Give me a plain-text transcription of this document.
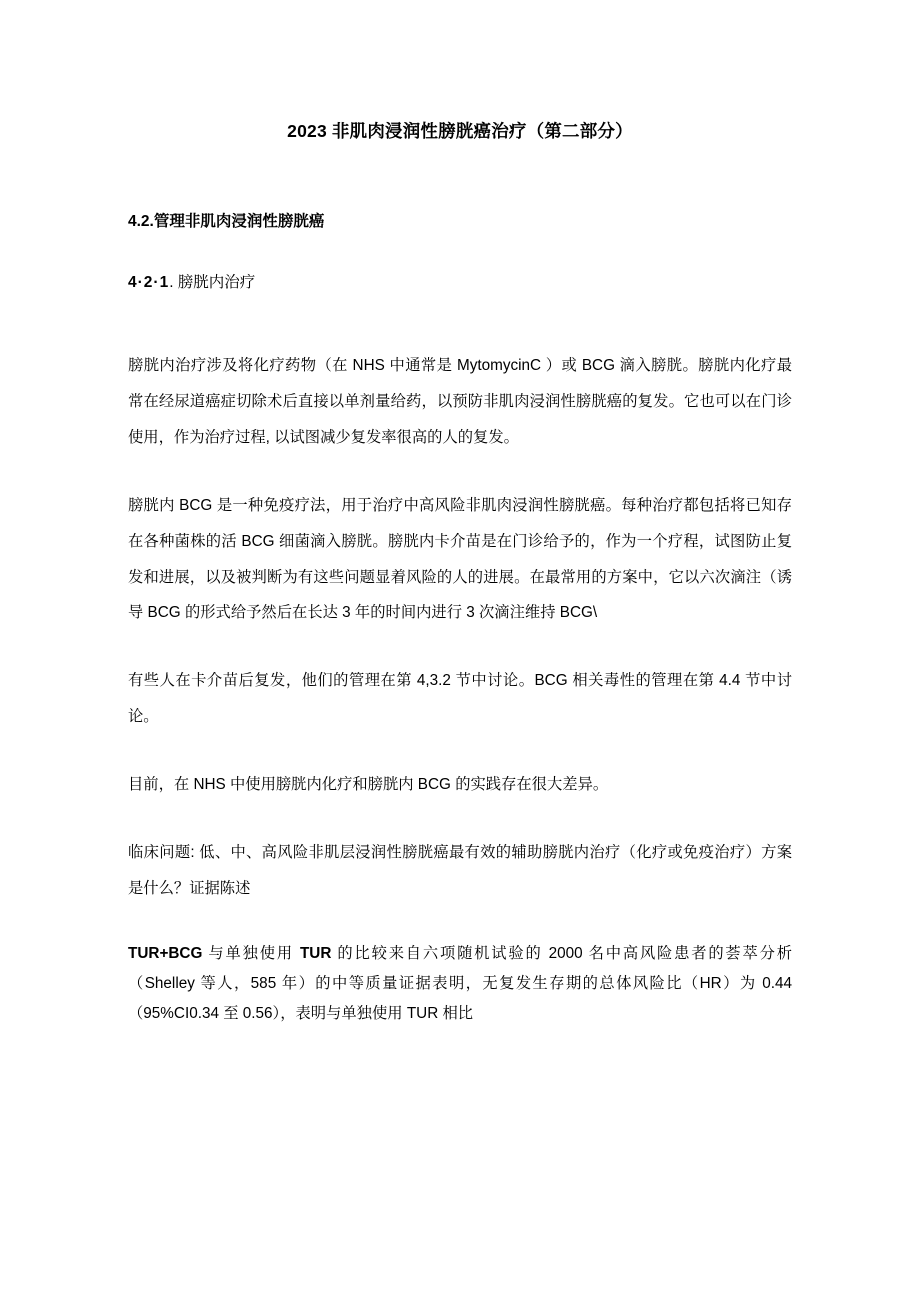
2023 非肌肉浸润性膀胱癌治疗（第二部分）
4.2.管理非肌肉浸润性膀胱癌
4·2·1. 膀胱内治疗

膀胱内治疗涉及将化疗药物（在 NHS 中通常是 MytomycinC ）或 BCG 滴入膀胱。膀胱内化疗最常在经尿道癌症切除术后直接以单剂量给药，以预防非肌肉浸润性膀胱癌的复发。它也可以在门诊使用，作为治疗过程, 以试图减少复发率很高的人的复发。

膀胱内 BCG 是一种免疫疗法，用于治疗中高风险非肌肉浸润性膀胱癌。每种治疗都包括将已知存在各种菌株的活 BCG 细菌滴入膀胱。膀胱内卡介苗是在门诊给予的，作为一个疗程，试图防止复发和进展，以及被判断为有这些问题显着风险的人的进展。在最常用的方案中，它以六次滴注（诱导 BCG 的形式给予然后在长达 3 年的时间内进行 3 次滴注维持 BCG\

有些人在卡介苗后复发，他们的管理在第 4,3.2 节中讨论。BCG 相关毒性的管理在第 4.4 节中讨论。

目前，在 NHS 中使用膀胱内化疗和膀胱内 BCG 的实践存在很大差异。

临床问题: 低、中、高风险非肌层浸润性膀胱癌最有效的辅助膀胱内治疗（化疗或免疫治疗）方案是什么？证据陈述

TUR+BCG 与单独使用 TUR 的比较来自六项随机试验的 2000 名中高风险患者的荟萃分析（Shelley 等人，585 年）的中等质量证据表明，无复发生存期的总体风险比（HR）为 0.44（95%CI0.34 至 0.56），表明与单独使用 TUR 相比
